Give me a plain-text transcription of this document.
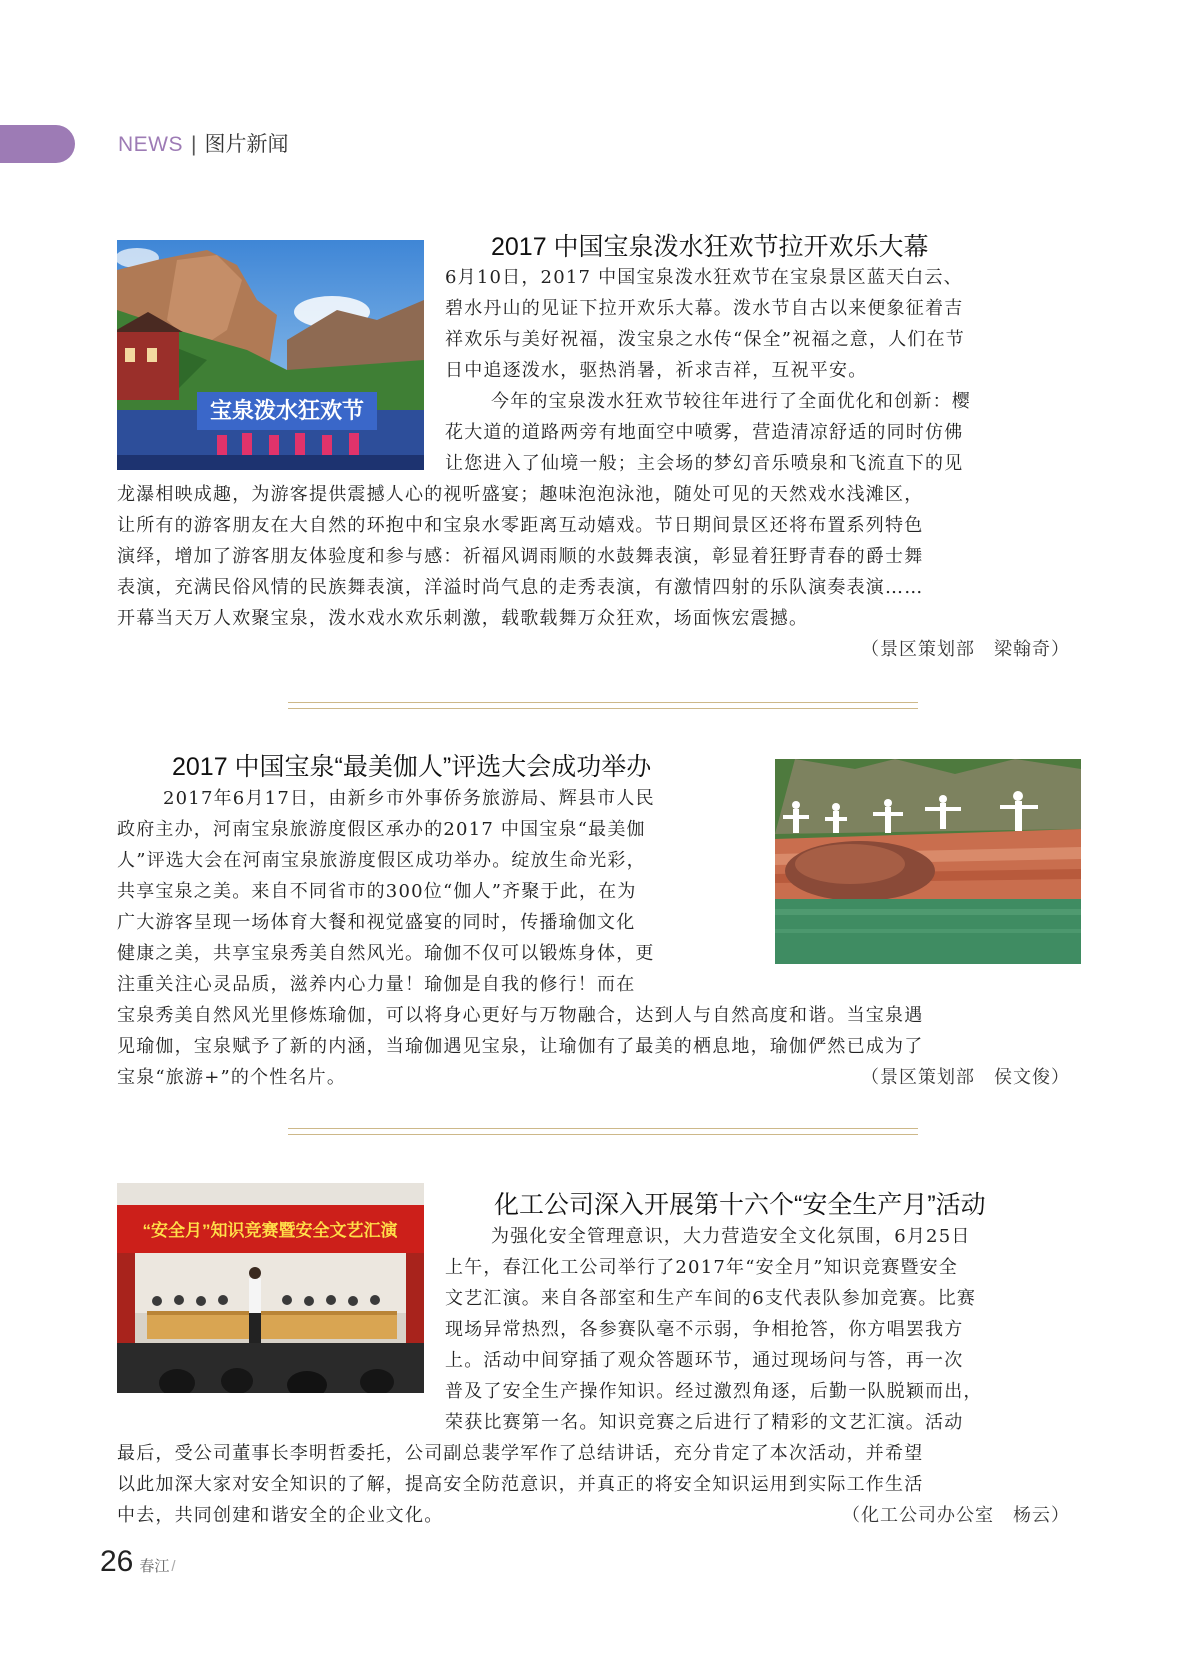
NEWS | 图片新闻
宝泉泼水狂欢节
2017 中国宝泉泼水狂欢节拉开欢乐大幕

6月10日，2017 中国宝泉泼水狂欢节在宝泉景区蓝天白云、

碧水丹山的见证下拉开欢乐大幕。泼水节自古以来便象征着吉

祥欢乐与美好祝福，泼宝泉之水传“保全”祝福之意，人们在节

日中追逐泼水，驱热消暑，祈求吉祥，互祝平安。

今年的宝泉泼水狂欢节较往年进行了全面优化和创新：樱

花大道的道路两旁有地面空中喷雾，营造清凉舒适的同时仿佛

让您进入了仙境一般；主会场的梦幻音乐喷泉和飞流直下的见

龙瀑相映成趣，为游客提供震撼人心的视听盛宴；趣味泡泡泳池，随处可见的天然戏水浅滩区，

让所有的游客朋友在大自然的环抱中和宝泉水零距离互动嬉戏。节日期间景区还将布置系列特色

演绎，增加了游客朋友体验度和参与感：祈福风调雨顺的水鼓舞表演，彰显着狂野青春的爵士舞

表演，充满民俗风情的民族舞表演，洋溢时尚气息的走秀表演，有激情四射的乐队演奏表演……

开幕当天万人欢聚宝泉，泼水戏水欢乐刺激，载歌载舞万众狂欢，场面恢宏震撼。

（景区策划部　梁翰奇）

2017 中国宝泉“最美伽人”评选大会成功举办

2017年6月17日，由新乡市外事侨务旅游局、辉县市人民

政府主办，河南宝泉旅游度假区承办的2017 中国宝泉“最美伽

人”评选大会在河南宝泉旅游度假区成功举办。绽放生命光彩，

共享宝泉之美。来自不同省市的300位“伽人”齐聚于此，在为

广大游客呈现一场体育大餐和视觉盛宴的同时，传播瑜伽文化

健康之美，共享宝泉秀美自然风光。瑜伽不仅可以锻炼身体，更

注重关注心灵品质，滋养内心力量！瑜伽是自我的修行！而在

宝泉秀美自然风光里修炼瑜伽，可以将身心更好与万物融合，达到人与自然高度和谐。当宝泉遇

见瑜伽，宝泉赋予了新的内涵，当瑜伽遇见宝泉，让瑜伽有了最美的栖息地，瑜伽俨然已成为了

宝泉“旅游+”的个性名片。	（景区策划部　侯文俊）

“安全月”知识竞赛暨安全文艺汇演
化工公司深入开展第十六个“安全生产月”活动

为强化安全管理意识，大力营造安全文化氛围，6月25日

上午，春江化工公司举行了2017年“安全月”知识竞赛暨安全

文艺汇演。来自各部室和生产车间的6支代表队参加竞赛。比赛

现场异常热烈，各参赛队毫不示弱，争相抢答，你方唱罢我方

上。活动中间穿插了观众答题环节，通过现场问与答，再一次

普及了安全生产操作知识。经过激烈角逐，后勤一队脱颖而出，

荣获比赛第一名。知识竞赛之后进行了精彩的文艺汇演。活动

最后，受公司董事长李明哲委托，公司副总裴学军作了总结讲话，充分肯定了本次活动，并希望

以此加深大家对安全知识的了解，提高安全防范意识，并真正的将安全知识运用到实际工作生活

中去，共同创建和谐安全的企业文化。	（化工公司办公室　杨云）

26 春江 /
